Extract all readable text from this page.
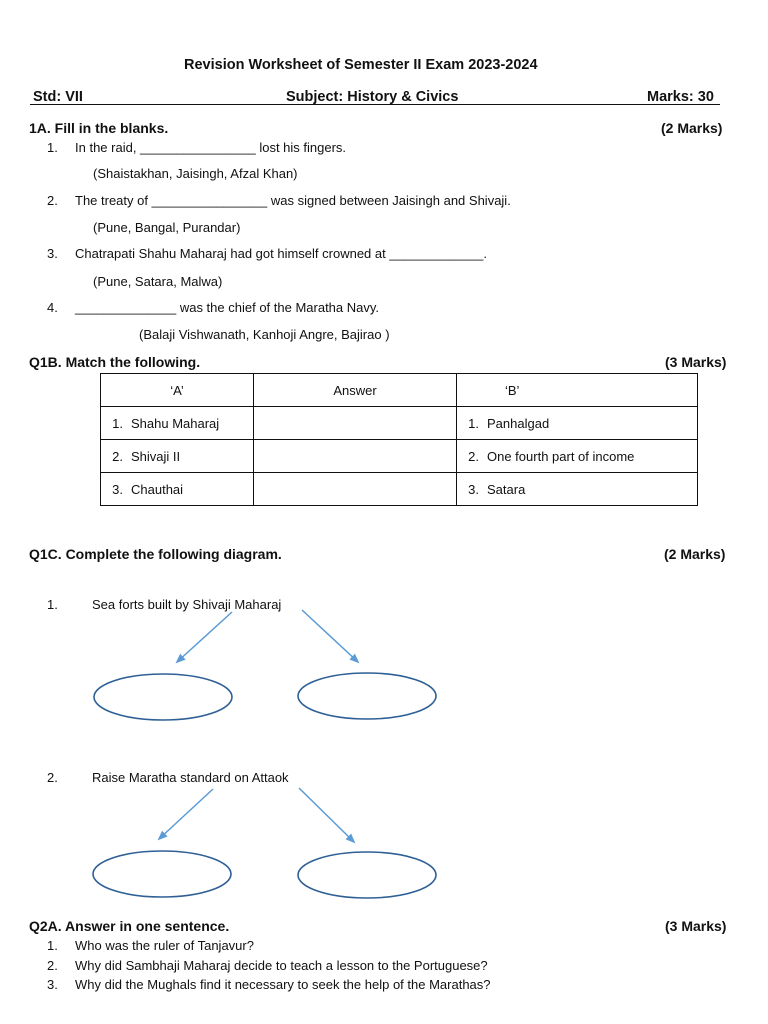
Revision Worksheet of Semester II Exam 2023-2024
Std: VII	Subject: History & Civics	Marks: 30
1A. Fill in the blanks.	(2 Marks)
1. In the raid, ________________ lost his fingers.
(Shaistakhan, Jaisingh, Afzal Khan)
2. The treaty of ________________ was signed between Jaisingh and Shivaji.
(Pune, Bangal, Purandar)
3. Chatrapati Shahu Maharaj had got himself crowned at _____________.
(Pune, Satara, Malwa)
4. ______________ was the chief of the Maratha Navy.
(Balaji Vishwanath, Kanhoji Angre, Bajirao )
Q1B. Match the following.	(3 Marks)
‘A’	Answer	‘B’
1. Shahu Maharaj		1. Panhalgad
2. Shivaji II		2. One fourth part of income
3. Chauthai		3. Satara
Q1C. Complete the following diagram.	(2 Marks)
1.	Sea forts built by Shivaji Maharaj
2.	Raise Maratha standard on Attaok
Q2A. Answer in one sentence.	(3 Marks)
1. Who was the ruler of Tanjavur?
2. Why did Sambhaji Maharaj decide to teach a lesson to the Portuguese?
3. Why did the Mughals find it necessary to seek the help of the Marathas?
